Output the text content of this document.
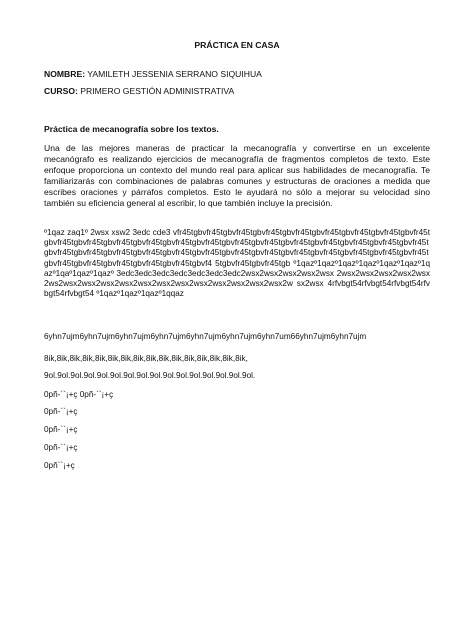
PRÁCTICA EN CASA

NOMBRE: YAMILETH JESSENIA SERRANO SIQUIHUA

CURSO: PRIMERO GESTIÓN ADMINISTRATIVA

Práctica de mecanografía sobre los textos.

Una de las mejores maneras de practicar la mecanografía y convertirse en un excelente mecanógrafo es realizando ejercicios de mecanografía de fragmentos completos de texto. Este enfoque proporciona un contexto del mundo real para aplicar sus habilidades de mecanografía. Te familiarizarás con combinaciones de palabras comunes y estructuras de oraciones a medida que escribes oraciones y párrafos completos. Esto le ayudará no sólo a mejorar su velocidad sino también su eficiencia general al escribir, lo que también incluye la precisión.

º1qaz zaq1º 2wsx xsw2 3edc cde3 vfr45tgbvfr45tgbvfr45tgbvfr45tgbvfr45tgbvfr45tgbvfr45tgbvfr45tgbvfr45tgbvfr45tgbvfr45tgbvfr45tgbvfr45tgbvfr45tgbvfr45tgbvfr45tgbvfr45tgbvfr45tgbvfr45tgbvfr45tgbvfr45tgbvfr45tgbvfr45tgbvfr45tgbvfr45tgbvfr45tgbvfr45tgbvfr45tgbvfr45tgbvfr45tgbvfr45tgbvfr45tgbvfr45tgbvfr45tgbvfr45tgbvfr45tgbvfr45tgbvfr45tgbvfr45tgbvfr45tgbvf4 5tgbvfr45tgbvfr45tgb º1qazº1qazº1qazº1qazº1qazº1qazº1qazº1qaº1qazº1qazº 3edc3edc3edc3edc3edc3edc3edc2wsx2wsx2wsx2wsx2wsx 2wsx2wsx2wsx2wsx2wsx2ws2wsx2wsx2wsx2wsx2wsx2wsx2wsx2wsx2wsx2wsx2wsx2wsx2w sx2wsx 4rfvbgt54rfvbgt54rfvbgt54rfvbgt54rfvbgt54 º1qazº1qazº1qazº1qqaz

6yhn7ujm6yhn7ujm6yhn7ujm6yhn7ujm6yhn7ujm6yhn7ujm6yhn7um66yhn7ujm6yhn7ujm

8ik,8ik,8ik,8ik,8ik,8ik,8ik,8ik,8ik,8ik,8ik,8ik,8ik,8ik,8ik,8ik,

9ol.9ol.9ol.9ol.9ol.9ol.9ol.9ol.9ol.9ol.9ol.9ol.9ol.9ol.9ol.9ol.

0pñ-``¡+ç 0pñ-``¡+ç

0pñ-``¡+ç

0pñ-``¡+ç

0pñ-``¡+ç

0pñ``¡+ç
